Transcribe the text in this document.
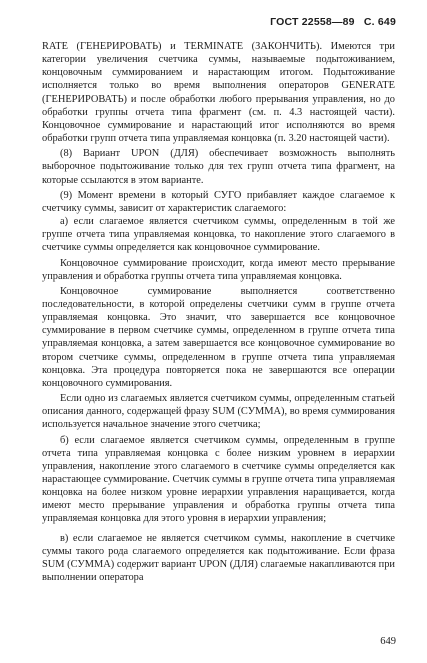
ГОСТ 22558—89 С. 649

RATE (ГЕНЕРИРОВАТЬ) и TERMINATE (ЗАКОНЧИТЬ). Имеются три категории увеличения счетчика суммы, называемые подытоживанием, концовочным суммированием и нарастающим итогом. Подытоживание исполняется только во время выполнения операторов GENERATE (ГЕНЕРИРОВАТЬ) и после обработки любого прерывания управления, но до обработки группы отчета типа фрагмент (см. п. 4.3 настоящей части). Концовочное суммирование и нарастающий итог исполняются во время обработки групп отчета типа управляемая концовка (п. 3.20 настоящей части).

(8) Вариант UPON (ДЛЯ) обеспечивает возможность выполнять выборочное подытоживание только для тех групп отчета типа фрагмент, на которые ссылаются в этом варианте.

(9) Момент времени в который СУГО прибавляет каждое слагаемое к счетчику суммы, зависит от характеристик слагаемого:

а) если слагаемое является счетчиком суммы, определенным в той же группе отчета типа управляемая концовка, то накопление этого слагаемого в счетчике суммы определяется как концовочное суммирование.

Концовочное суммирование происходит, когда имеют место прерывание управления и обработка группы отчета типа управляемая концовка.

Концовочное суммирование выполняется соответственно последовательности, в которой определены счетчики сумм в группе отчета управляемая концовка. Это значит, что завершается все концовочное суммирование в первом счетчике суммы, определенном в группе отчета типа управляемая концовка, а затем завершается все концовочное суммирование во втором счетчике суммы, определенном в группе отчета типа управляемая концовка. Эта процедура повторяется пока не завершаются все операции концовочного суммирования.

Если одно из слагаемых является счетчиком суммы, определенным статьей описания данного, содержащей фразу SUM (СУММА), во время суммирования используется начальное значение этого счетчика;

б) если слагаемое является счетчиком суммы, определенным в группе отчета типа управляемая концовка с более низким уровнем в иерархии управления, накопление этого слагаемого в счетчике суммы определяется как нарастающее суммирование. Счетчик суммы в группе отчета типа управляемая концовка на более низком уровне иерархии управления наращивается, когда имеют место прерывание управления и обработка группы отчета типа управляемая концовка для этого уровня в иерархии управления;

в) если слагаемое не является счетчиком суммы, накопление в счетчике суммы такого рода слагаемого определяется как подытоживание. Если фраза SUM (СУММА) содержит вариант UPON (ДЛЯ) слагаемые накапливаются при выполнении оператора

649
